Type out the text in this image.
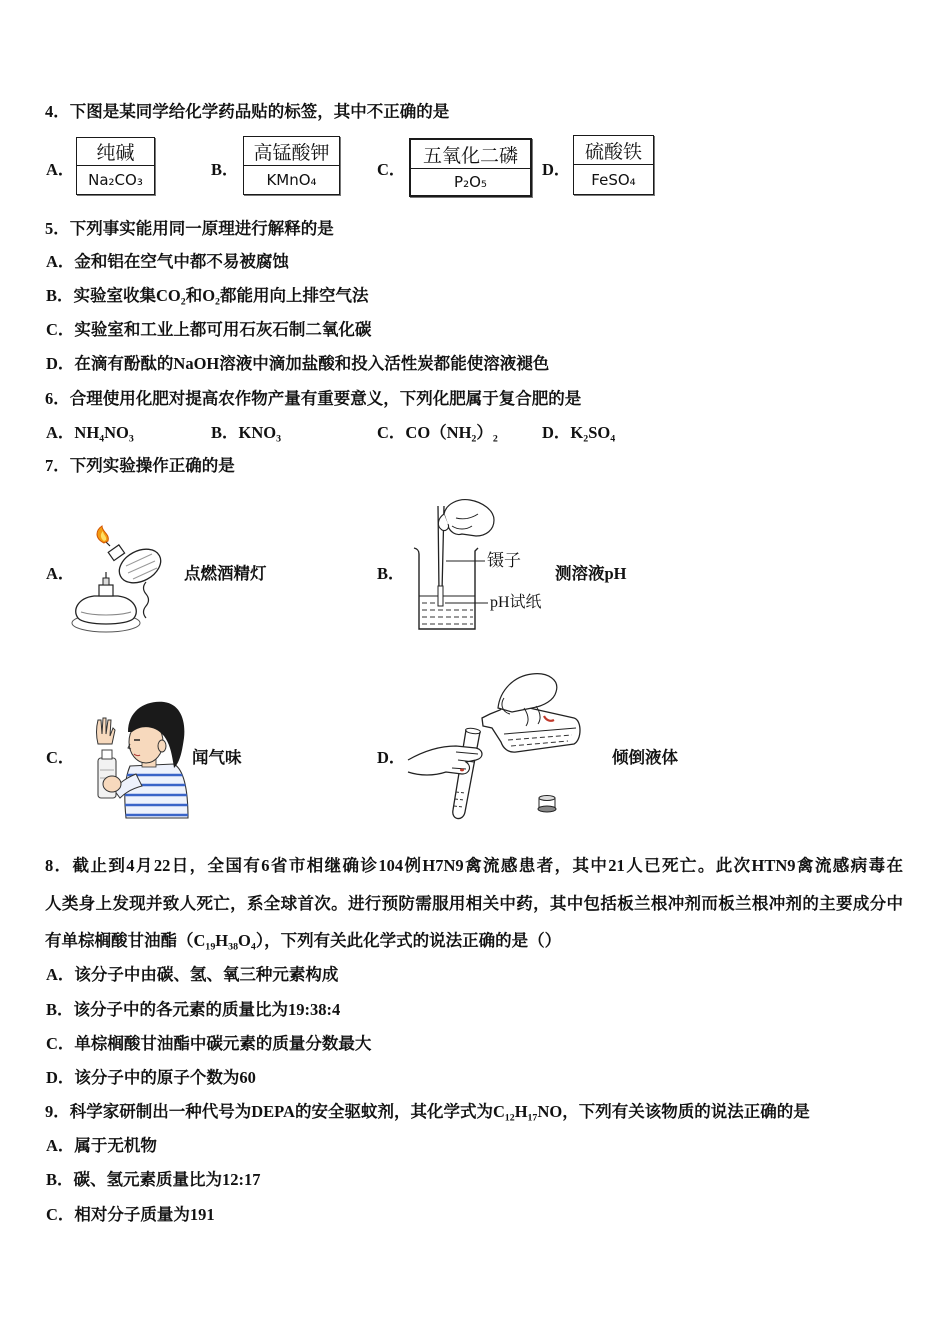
4．下图是某同学给化学药品贴的标签，其中不正确的是
A．
纯碱
Na₂CO₃
B．
高锰酸钾
KMnO₄
C．
五氧化二磷
P₂O₅
D．
硫酸铁
FeSO₄
5．下列事实能用同一原理进行解释的是
A．金和铝在空气中都不易被腐蚀
B．实验室收集CO₂和O₂都能用向上排空气法
C．实验室和工业上都可用石灰石制二氧化碳
D．在滴有酚酞的NaOH溶液中滴加盐酸和投入活性炭都能使溶液褪色
6．合理使用化肥对提高农作物产量有重要意义，下列化肥属于复合肥的是
A．NH₄NO₃	B．KNO₃	C．CO（NH₂）₂	D．K₂SO₄
7．下列实验操作正确的是
A．	点燃酒精灯	B．
镊子
pH试纸
测溶液pH
C．	闻气味	D．	倾倒液体
8．截止到4月22日，全国有6省市相继确诊104例H7N9禽流感患者，其中21人已死亡。此次HTN9禽流感病毒在
人类身上发现并致人死亡，系全球首次。进行预防需服用相关中药，其中包括板兰根冲剂而板兰根冲剂的主要成分中
有单棕榈酸甘油酯（C₁₉H₃₈O₄），下列有关此化学式的说法正确的是（）
A．该分子中由碳、氢、氧三种元素构成
B．该分子中的各元素的质量比为19:38:4
C．单棕榈酸甘油酯中碳元素的质量分数最大
D．该分子中的原子个数为60
9．科学家研制出一种代号为DEPA的安全驱蚊剂，其化学式为C₁₂H₁₇NO，下列有关该物质的说法正确的是
A．属于无机物
B．碳、氢元素质量比为12:17
C．相对分子质量为191
